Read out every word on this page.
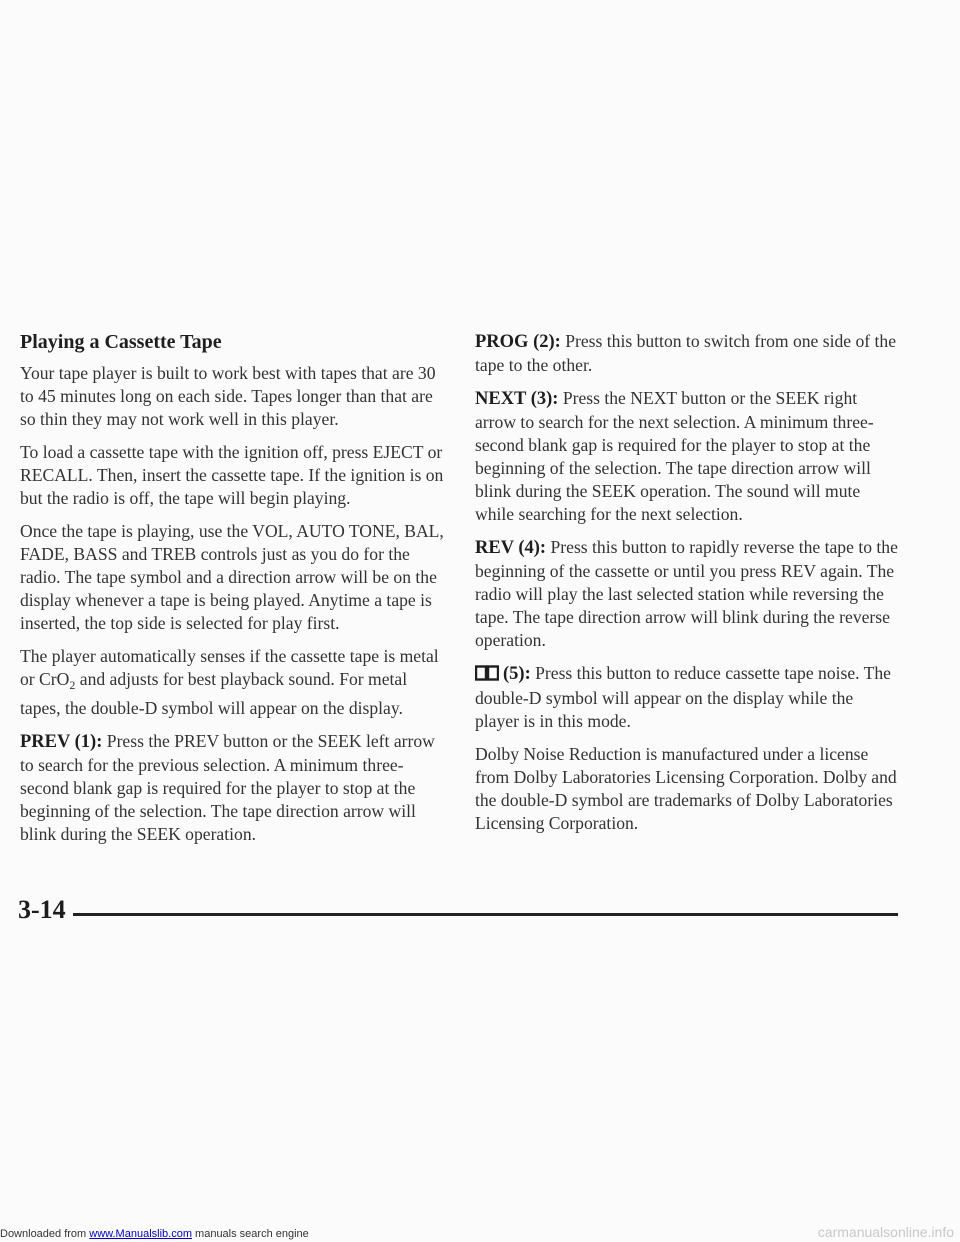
Playing a Cassette Tape

Your tape player is built to work best with tapes that are 30 to 45 minutes long on each side. Tapes longer than that are so thin they may not work well in this player.

To load a cassette tape with the ignition off, press EJECT or RECALL. Then, insert the cassette tape. If the ignition is on but the radio is off, the tape will begin playing.

Once the tape is playing, use the VOL, AUTO TONE, BAL, FADE, BASS and TREB controls just as you do for the radio. The tape symbol and a direction arrow will be on the display whenever a tape is being played. Anytime a tape is inserted, the top side is selected for play first.

The player automatically senses if the cassette tape is metal or CrO$_2$ and adjusts for best playback sound. For metal tapes, the double-D symbol will appear on the display.

PREV (1): Press the PREV button or the SEEK left arrow to search for the previous selection. A minimum three-second blank gap is required for the player to stop at the beginning of the selection. The tape direction arrow will blink during the SEEK operation.

PROG (2): Press this button to switch from one side of the tape to the other.

NEXT (3): Press the NEXT button or the SEEK right arrow to search for the next selection. A minimum three-second blank gap is required for the player to stop at the beginning of the selection. The tape direction arrow will blink during the SEEK operation. The sound will mute while searching for the next selection.

REV (4): Press this button to rapidly reverse the tape to the beginning of the cassette or until you press REV again. The radio will play the last selected station while reversing the tape. The tape direction arrow will blink during the reverse operation.

(5): Press this button to reduce cassette tape noise. The double-D symbol will appear on the display while the player is in this mode.

Dolby Noise Reduction is manufactured under a license from Dolby Laboratories Licensing Corporation. Dolby and the double-D symbol are trademarks of Dolby Laboratories Licensing Corporation.

3-14
Downloaded from www.Manualslib.com manuals search engine	carmanualsonline.info
